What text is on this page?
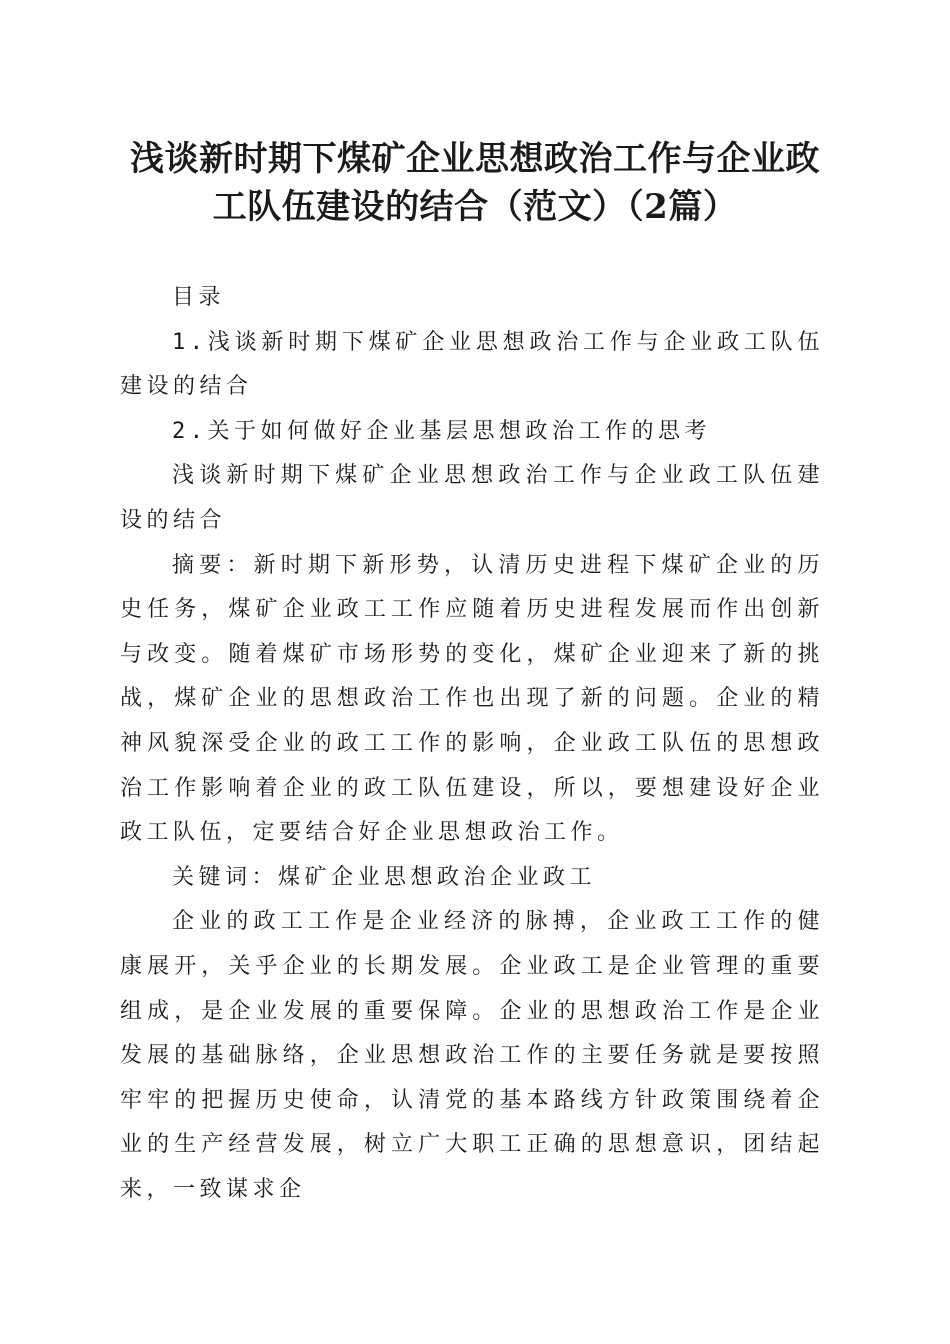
浅谈新时期下煤矿企业思想政治工作与企业政
工队伍建设的结合（范文）（2篇）

目录

1.浅谈新时期下煤矿企业思想政治工作与企业政工队伍建设的结合

2.关于如何做好企业基层思想政治工作的思考

浅谈新时期下煤矿企业思想政治工作与企业政工队伍建设的结合

摘要：新时期下新形势，认清历史进程下煤矿企业的历史任务，煤矿企业政工工作应随着历史进程发展而作出创新与改变。随着煤矿市场形势的变化，煤矿企业迎来了新的挑战，煤矿企业的思想政治工作也出现了新的问题。企业的精神风貌深受企业的政工工作的影响，企业政工队伍的思想政治工作影响着企业的政工队伍建设，所以，要想建设好企业政工队伍，定要结合好企业思想政治工作。

关键词：煤矿企业思想政治企业政工

企业的政工工作是企业经济的脉搏，企业政工工作的健康展开，关乎企业的长期发展。企业政工是企业管理的重要组成，是企业发展的重要保障。企业的思想政治工作是企业发展的基础脉络，企业思想政治工作的主要任务就是要按照牢牢的把握历史使命，认清党的基本路线方针政策围绕着企业的生产经营发展，树立广大职工正确的思想意识，团结起来，一致谋求企
